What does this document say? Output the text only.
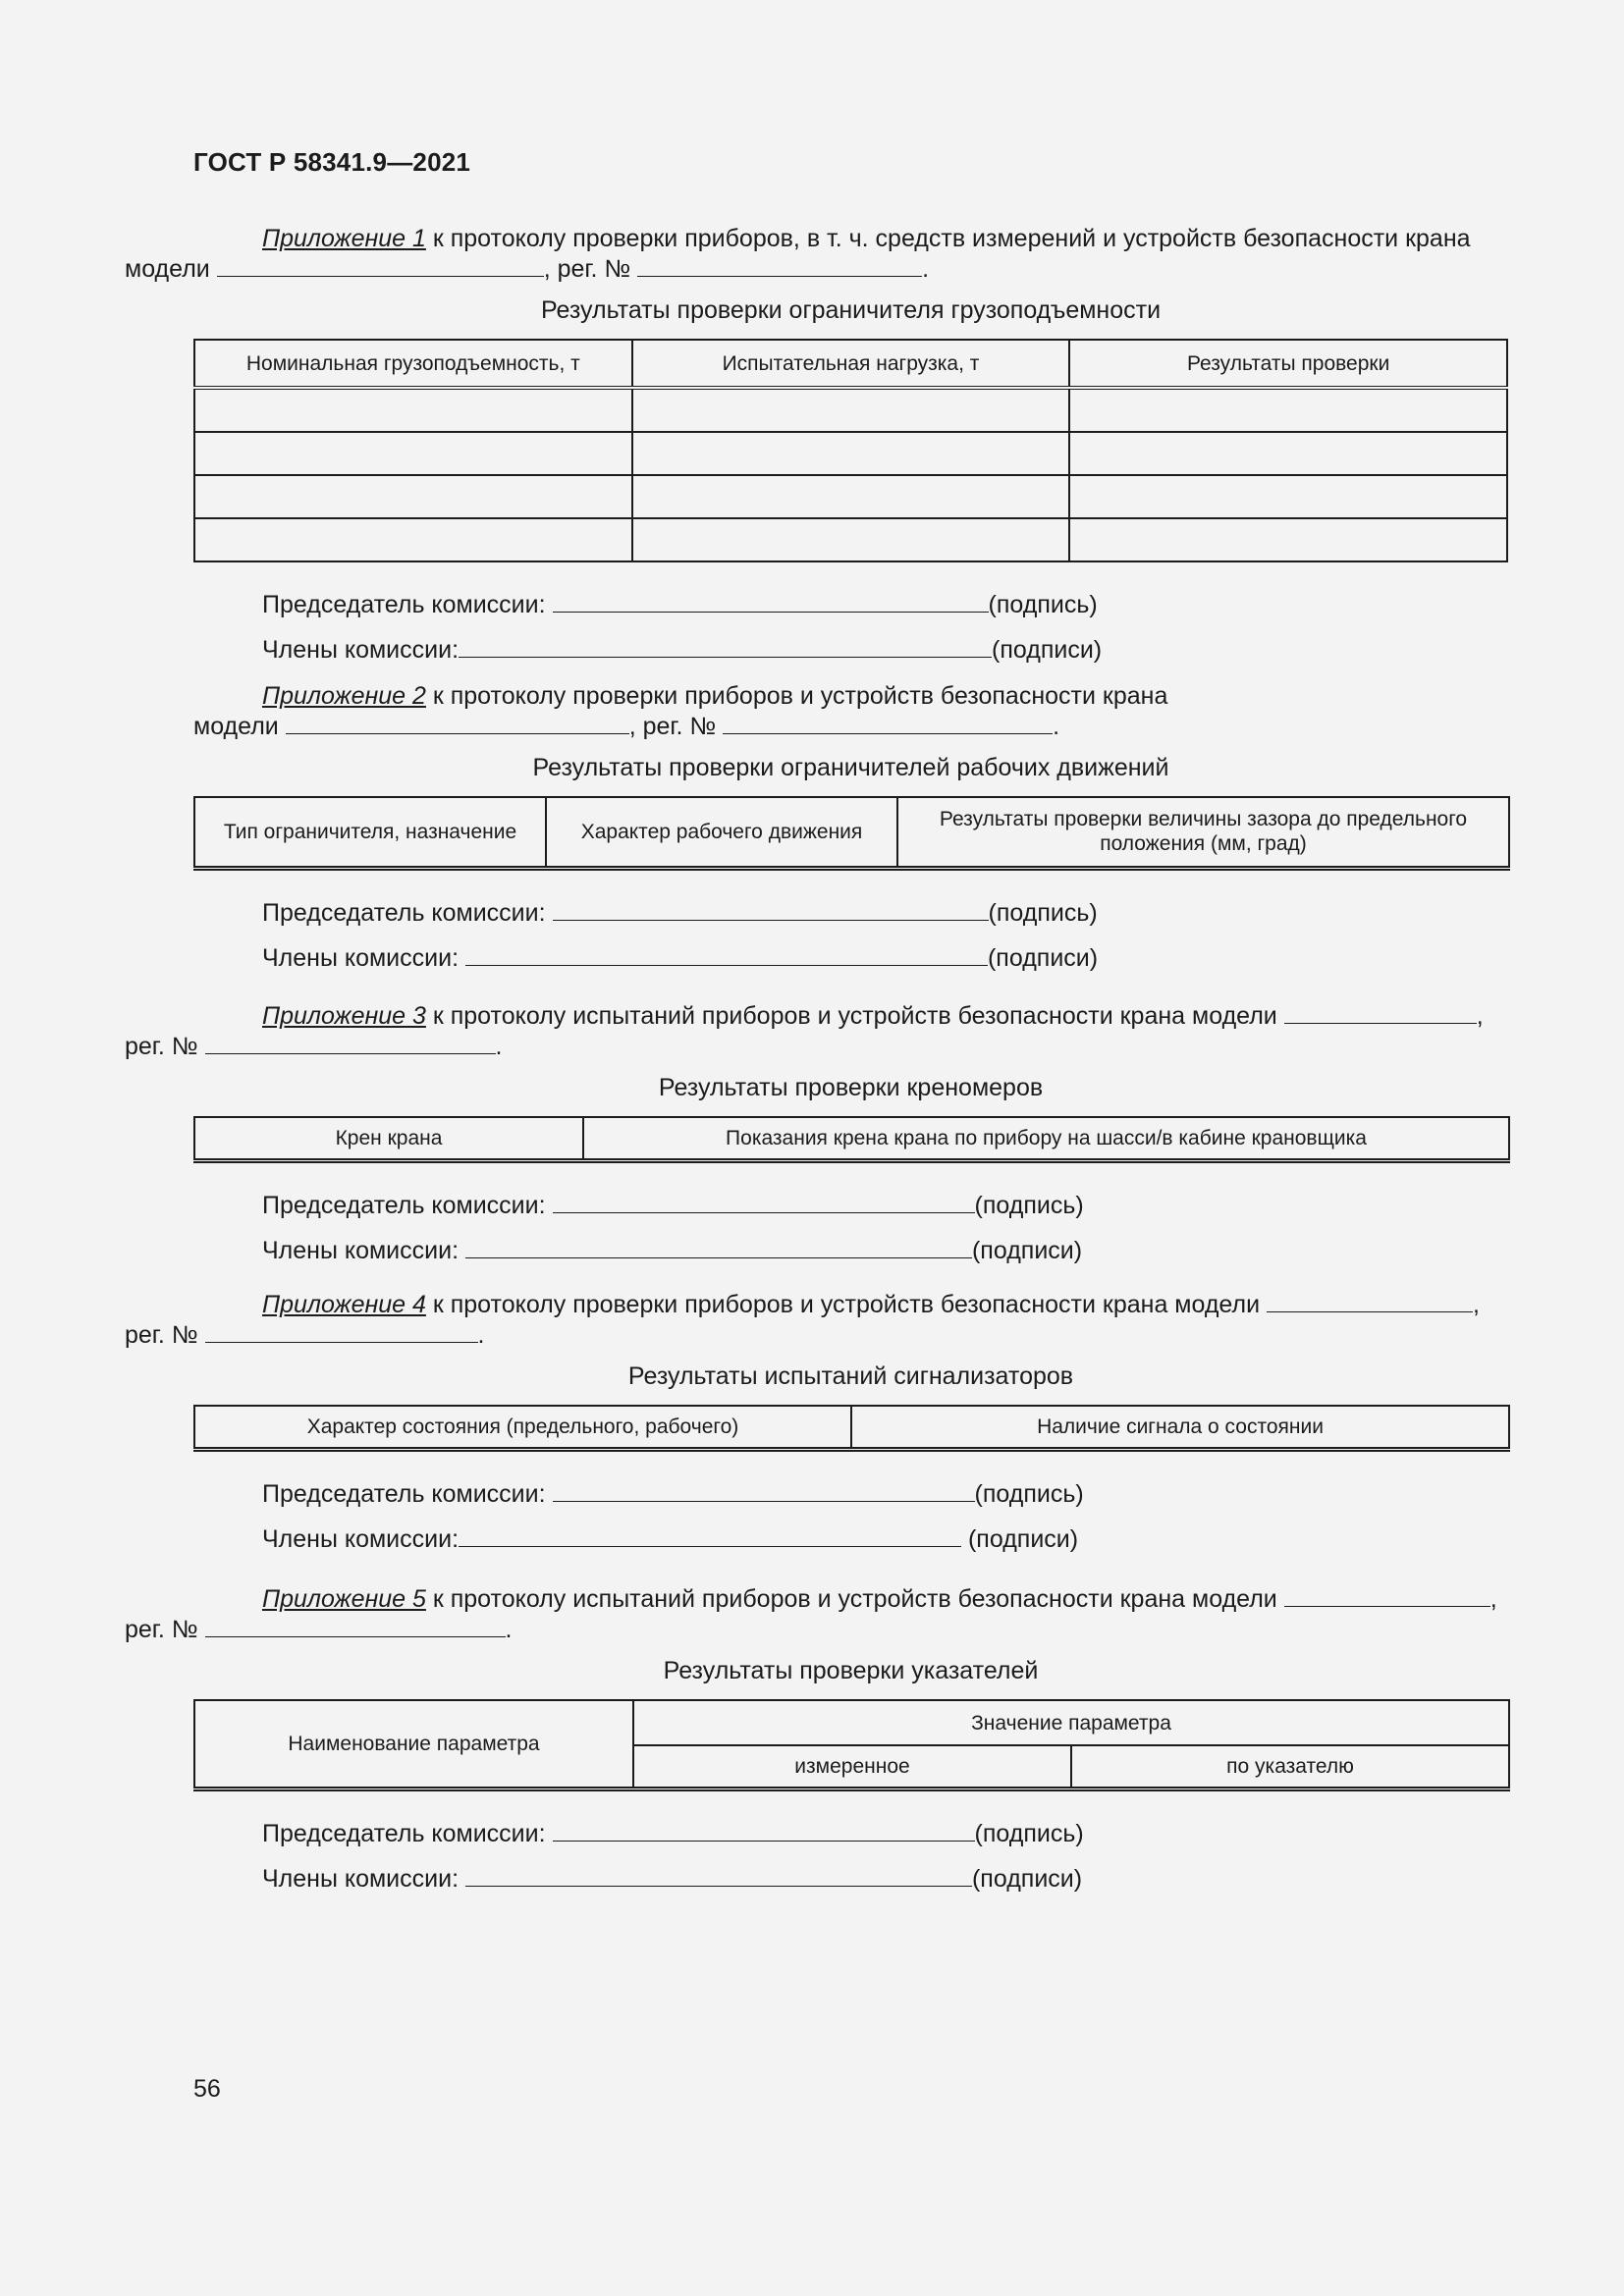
ГОСТ Р 58341.9—2021

Приложение 1 к протоколу проверки приборов, в т. ч. средств измерений и устройств безопасности крана
модели	, рег. №	.

Результаты проверки ограничителя грузоподъемности
Номинальная грузоподъемность, т	Испытательная нагрузка, т	Результаты проверки

Председатель комиссии:	(подпись)
Члены комиссии:	(подписи)

Приложение 2 к протоколу проверки приборов и устройств безопасности крана
модели	, рег. №	.

Результаты проверки ограничителей рабочих движений
Тип ограничителя, назначение	Характер рабочего движения	Результаты проверки величины зазора до предельного положения (мм, град)
Председатель комиссии:	(подпись)
Члены комиссии:	(подписи)

Приложение 3 к протоколу испытаний приборов и устройств безопасности крана модели	,
рег. №	.

Результаты проверки креномеров
Крен крана	Показания крена крана по прибору на шасси/в кабине крановщика
Председатель комиссии:	(подпись)
Члены комиссии:	(подписи)

Приложение 4 к протоколу проверки приборов и устройств безопасности крана модели	,
рег. №	.

Результаты испытаний сигнализаторов
Характер состояния (предельного, рабочего)	Наличие сигнала о состоянии
Председатель комиссии:	(подпись)
Члены комиссии:	(подписи)

Приложение 5 к протоколу испытаний приборов и устройств безопасности крана модели	,
рег. №	.

Результаты проверки указателей
Наименование параметра	Значение параметра	
	измеренное	по указателю
Председатель комиссии:	(подпись)
Члены комиссии:	(подписи)
56
